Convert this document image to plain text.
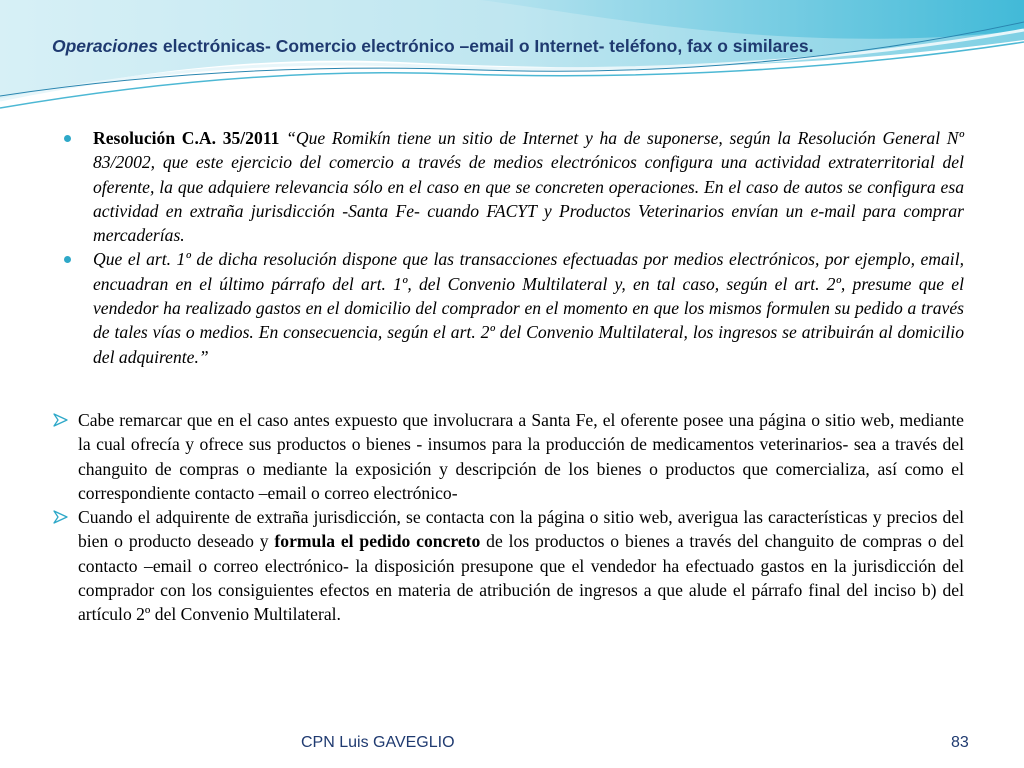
Operaciones electrónicas- Comercio electrónico –email o Internet- teléfono, fax o similares.

Resolución C.A. 35/2011 “Que Romikín tiene un sitio de Internet y ha de suponerse, según la Resolución General Nº 83/2002, que este ejercicio del comercio a través de medios electrónicos configura una actividad extraterritorial del oferente, la que adquiere relevancia sólo en el caso en que se concreten operaciones. En el caso de autos se configura esa actividad en extraña jurisdicción -Santa Fe- cuando FACYT y Productos Veterinarios envían un e-mail para comprar mercaderías.

Que el art. 1º de dicha resolución dispone que las transacciones efectuadas por medios electrónicos, por ejemplo, email, encuadran en el último párrafo del art. 1º, del Convenio Multilateral y, en tal caso, según el art. 2º, presume que el vendedor ha realizado gastos en el domicilio del comprador en el momento en que los mismos formulen su pedido a través de tales vías o medios. En consecuencia, según el art. 2º del Convenio Multilateral, los ingresos se atribuirán al domicilio del adquirente.”

Cabe remarcar que en el caso antes expuesto que involucrara a Santa Fe, el oferente posee una página o sitio web, mediante la cual ofrecía y ofrece sus productos o bienes - insumos para la producción de medicamentos veterinarios- sea a través del changuito de compras o mediante la exposición y descripción de los bienes o productos que comercializa, así como el correspondiente contacto –email o correo electrónico-

Cuando el adquirente de extraña jurisdicción, se contacta con la página o sitio web, averigua las características y precios del bien o producto deseado y formula el pedido concreto de los productos o bienes a través del changuito de compras o del contacto –email o correo electrónico- la disposición presupone que el vendedor ha efectuado gastos en la jurisdicción del comprador con los consiguientes efectos en materia de atribución de ingresos a que alude el párrafo final del inciso b) del artículo 2º del Convenio Multilateral.

CPN Luis GAVEGLIO	83
